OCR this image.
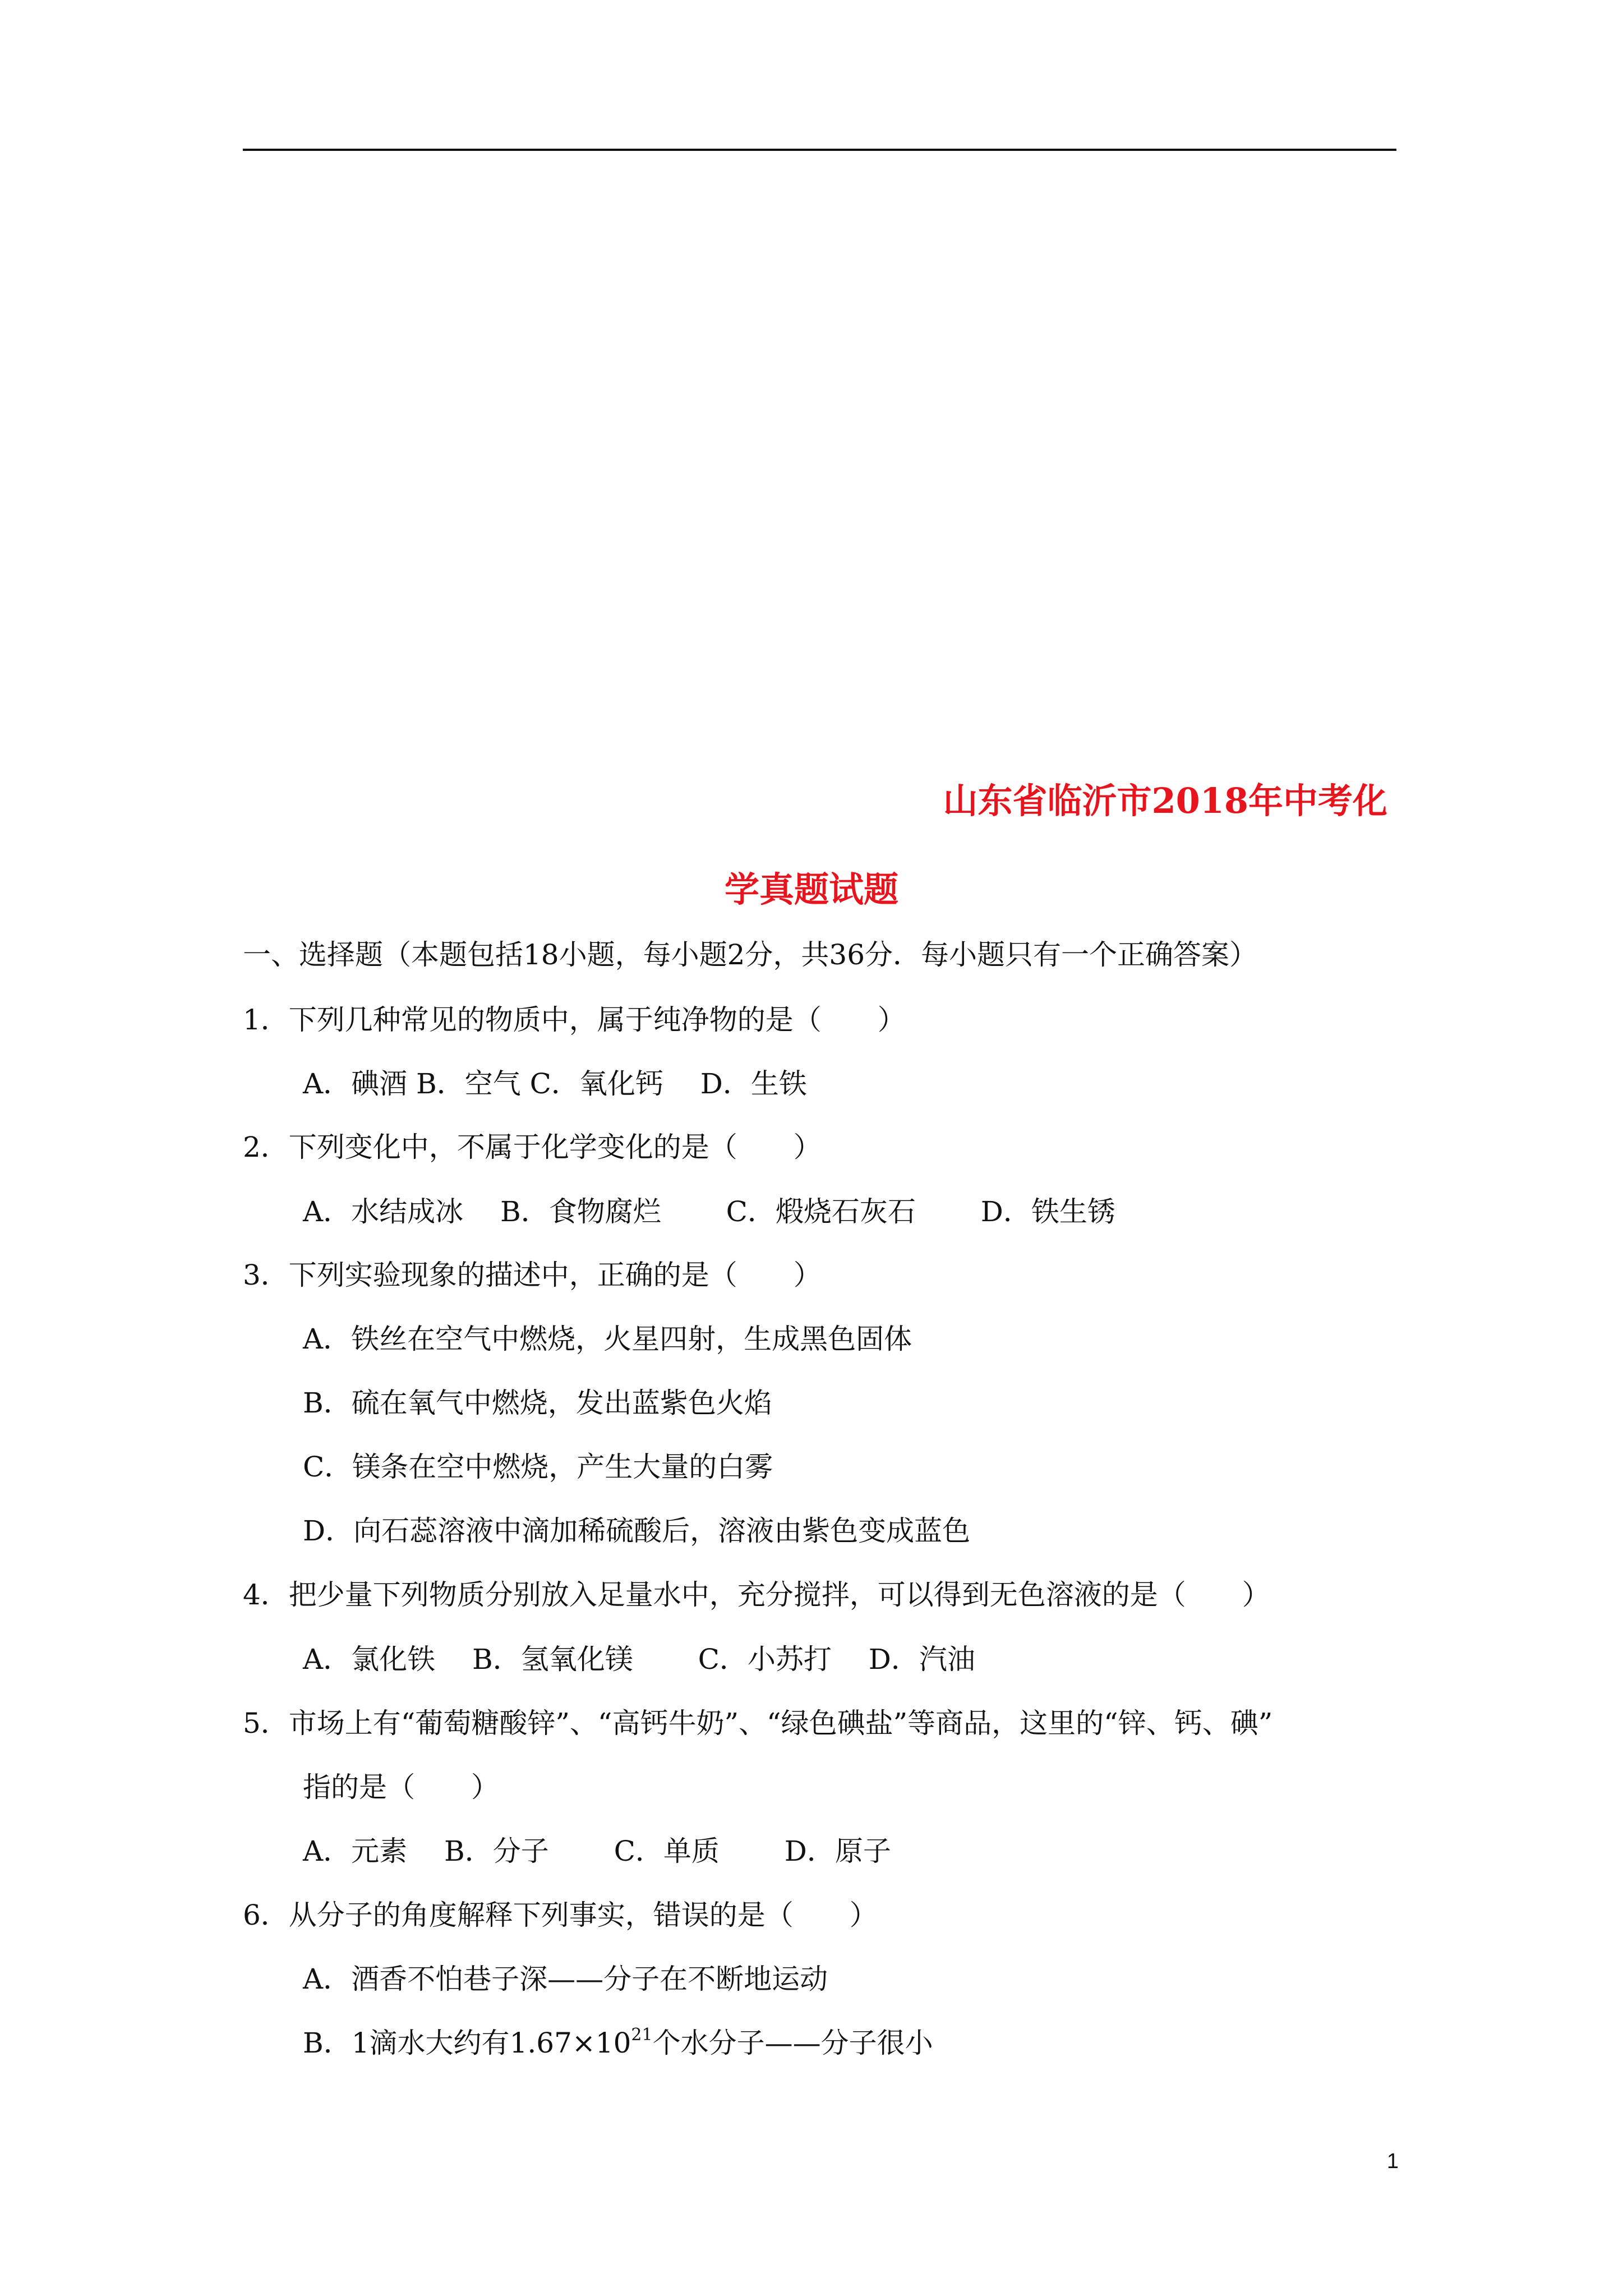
山东省临沂市2018年中考化
学真题试题
一、选择题（本题包括18小题，每小题2分，共36分．每小题只有一个正确答案）
1．下列几种常见的物质中，属于纯净物的是（　　）
A．碘酒 B．空气 C．氧化钙　 D．生铁
2．下列变化中，不属于化学变化的是（　　）
A．水结成冰　 B．食物腐烂　　 C．煅烧石灰石　　 D．铁生锈
3．下列实验现象的描述中，正确的是（　　）
A．铁丝在空气中燃烧，火星四射，生成黑色固体
B．硫在氧气中燃烧，发出蓝紫色火焰
C．镁条在空中燃烧，产生大量的白雾
D．向石蕊溶液中滴加稀硫酸后，溶液由紫色变成蓝色
4．把少量下列物质分别放入足量水中，充分搅拌，可以得到无色溶液的是（　　）
A．氯化铁　 B．氢氧化镁　　 C．小苏打　 D．汽油
5．市场上有“葡萄糖酸锌”、“高钙牛奶”、“绿色碘盐”等商品，这里的“锌、钙、碘”
指的是（　　）
A．元素　 B．分子　　 C．单质　　 D．原子
6．从分子的角度解释下列事实，错误的是（　　）
A．酒香不怕巷子深——分子在不断地运动
B．1滴水大约有$1.67\times 10^{21}$个水分子——分子很小
1
